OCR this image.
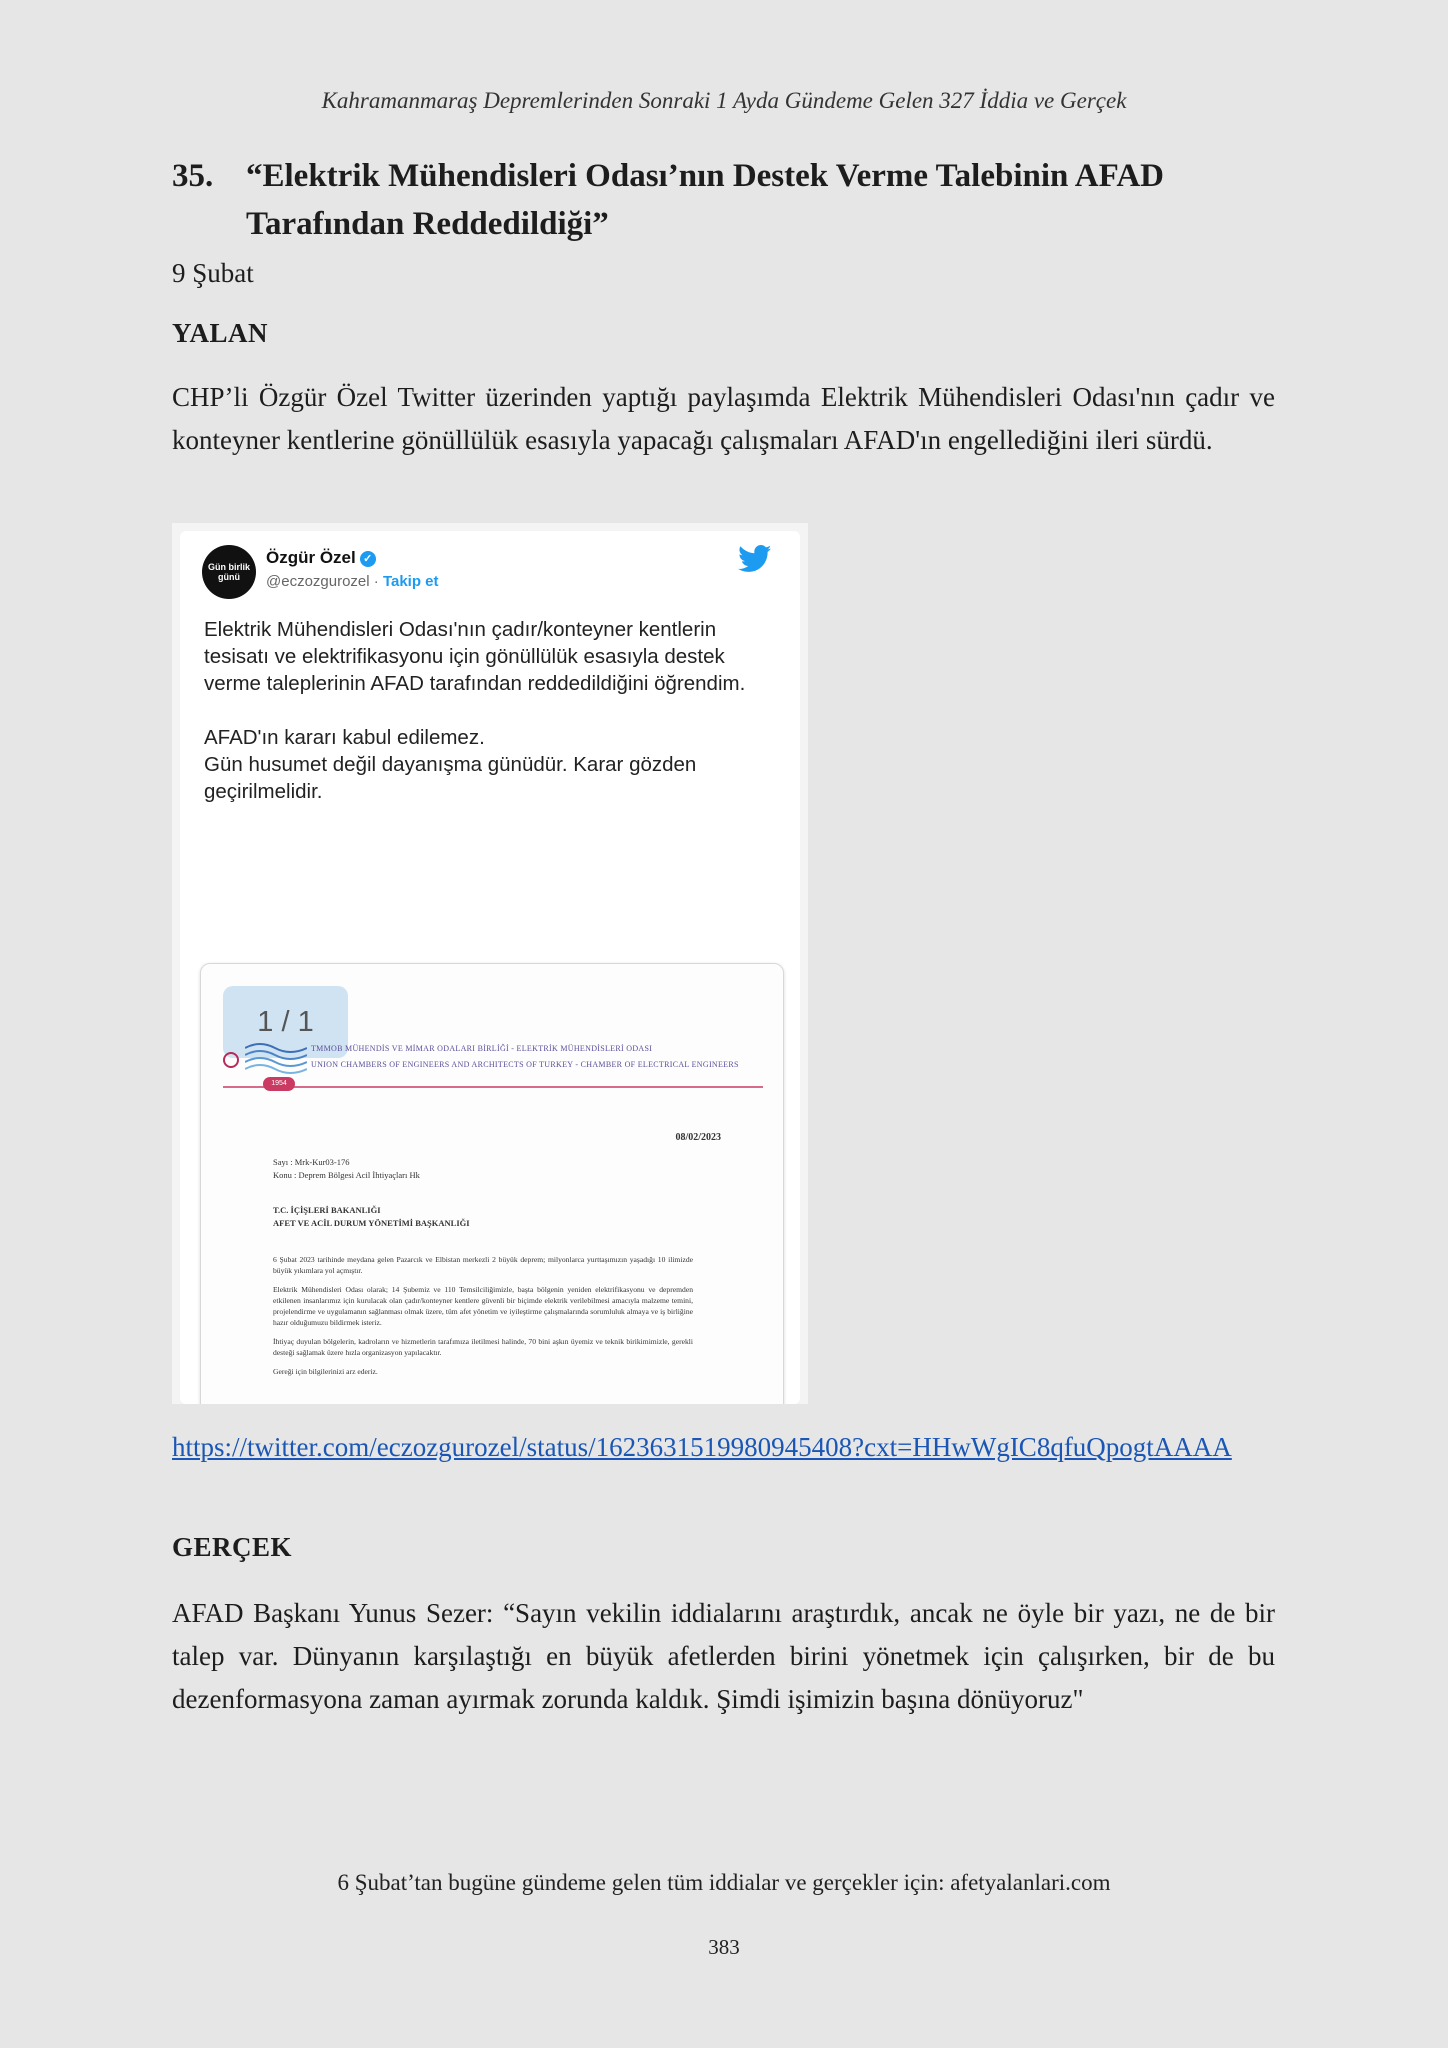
Kahramanmaraş Depremlerinden Sonraki 1 Ayda Gündeme Gelen 327 İddia ve Gerçek
35. “Elektrik Mühendisleri Odası’nın Destek Verme Talebinin AFAD
Tarafından Reddedildiği”
9 Şubat
YALAN
CHP’li Özgür Özel Twitter üzerinden yaptığı paylaşımda Elektrik Mühendisleri Odası'nın çadır ve konteyner kentlerine gönüllülük esasıyla yapacağı çalışmaları AFAD'ın engellediğini ileri sürdü.
Gün birlik günü
Özgür Özel ✓
@eczozgurozel · Takip et

Elektrik Mühendisleri Odası'nın çadır/konteyner kentlerin tesisatı ve elektrifikasyonu için gönüllülük esasıyla destek verme taleplerinin AFAD tarafından reddedildiğini öğrendim.

AFAD'ın kararı kabul edilemez.
Gün husumet değil dayanışma günüdür. Karar gözden geçirilmelidir.

1 / 1
TMMOB MÜHENDİS VE MİMAR ODALARI BİRLİĞİ - ELEKTRİK MÜHENDİSLERİ ODASI
UNION CHAMBERS OF ENGINEERS AND ARCHITECTS OF TURKEY - CHAMBER OF ELECTRICAL ENGINEERS
1954
08/02/2023
Sayı : Mrk-Kur03-176
Konu : Deprem Bölgesi Acil İhtiyaçları Hk
T.C. İÇİŞLERİ BAKANLIĞI
AFET VE ACİL DURUM YÖNETİMİ BAŞKANLIĞI

6 Şubat 2023 tarihinde meydana gelen Pazarcık ve Elbistan merkezli 2 büyük deprem; milyonlarca yurttaşımızın yaşadığı 10 ilimizde büyük yıkımlara yol açmıştır.

Elektrik Mühendisleri Odası olarak; 14 Şubemiz ve 110 Temsilciliğimizle, başta bölgenin yeniden elektrifikasyonu ve depremden etkilenen insanlarımız için kurulacak olan çadır/konteyner kentlere güvenli bir biçimde elektrik verilebilmesi amacıyla malzeme temini, projelendirme ve uygulamanın sağlanması olmak üzere, tüm afet yönetim ve iyileştirme çalışmalarında sorumluluk almaya ve iş birliğine hazır olduğumuzu bildirmek isteriz.

İhtiyaç duyulan bölgelerin, kadroların ve hizmetlerin tarafımıza iletilmesi halinde, 70 bini aşkın üyemiz ve teknik birikimimizle, gerekli desteği sağlamak üzere hızla organizasyon yapılacaktır.

Gereği için bilgilerinizi arz ederiz.

https://twitter.com/eczozgurozel/status/1623631519980945408?cxt=HHwWgIC8qfuQpogtAAAA
GERÇEK
AFAD Başkanı Yunus Sezer: “Sayın vekilin iddialarını araştırdık, ancak ne öyle bir yazı, ne de bir talep var. Dünyanın karşılaştığı en büyük afetlerden birini yönetmek için çalışırken, bir de bu dezenformasyona zaman ayırmak zorunda kaldık. Şimdi işimizin başına dönüyoruz"
6 Şubat’tan bugüne gündeme gelen tüm iddialar ve gerçekler için: afetyalanlari.com
383
